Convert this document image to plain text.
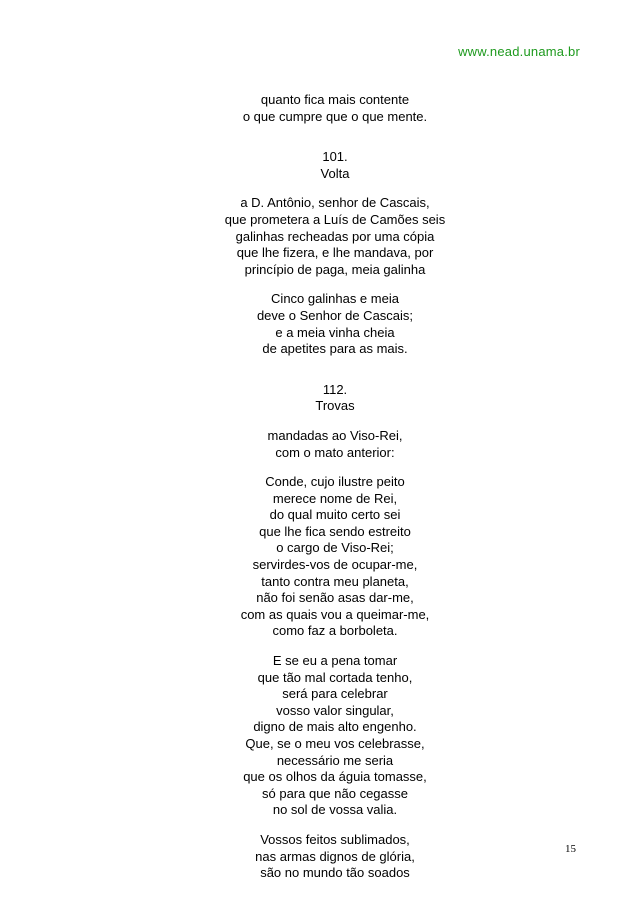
www.nead.unama.br
quanto fica mais contente
o que cumpre que o que mente.
101.
Volta
a D. Antônio, senhor de Cascais,
que prometera a Luís de Camões seis
galinhas recheadas por uma cópia
que lhe fizera, e lhe mandava, por
princípio de paga, meia galinha
Cinco galinhas e meia
deve o Senhor de Cascais;
e a meia vinha cheia
de apetites para as mais.
112.
Trovas
mandadas ao Viso-Rei,
com o mato anterior:
Conde, cujo ilustre peito
merece nome de Rei,
do qual muito certo sei
que lhe fica sendo estreito
o cargo de Viso-Rei;
servirdes-vos de ocupar-me,
tanto contra meu planeta,
não foi senão asas dar-me,
com as quais vou a queimar-me,
como faz a borboleta.
E se eu a pena tomar
que tão mal cortada tenho,
será para celebrar
vosso valor singular,
digno de mais alto engenho.
Que, se o meu vos celebrasse,
necessário me seria
que os olhos da águia tomasse,
só para que não cegasse
no sol de vossa valia.
Vossos feitos sublimados,
nas armas dignos de glória,
são no mundo tão soados
15
